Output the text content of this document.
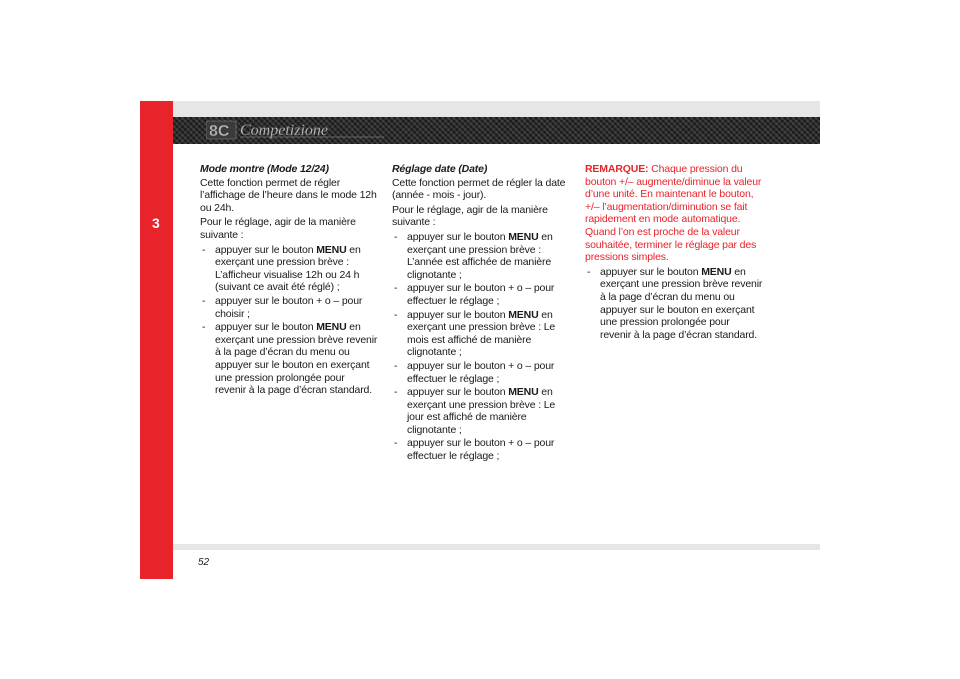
3
8C Competizione
Mode montre (Mode 12/24)
Cette fonction permet de régler l’affichage de l’heure dans le mode 12h ou 24h.
Pour le réglage, agir de la manière suivante :
- appuyer sur le bouton MENU en exerçant une pression brève : L’afficheur visualise 12h ou 24 h (suivant ce avait été réglé) ;
- appuyer sur le bouton + o – pour choisir ;
- appuyer sur le bouton MENU en exerçant une pression brève revenir à la page d’écran du menu ou appuyer sur le bouton en exerçant une pression prolongée pour revenir à la page d’écran standard.
Réglage date (Date)
Cette fonction permet de régler la date (année - mois - jour).
Pour le réglage, agir de la manière suivante :
- appuyer sur le bouton MENU en exerçant une pression brève : L’année est affichée de manière clignotante ;
- appuyer sur le bouton + o – pour effectuer le réglage ;
- appuyer sur le bouton MENU en exerçant une pression brève : Le mois est affiché de manière clignotante ;
- appuyer sur le bouton + o – pour effectuer le réglage ;
- appuyer sur le bouton MENU en exerçant une pression brève : Le jour est affiché de manière clignotante ;
- appuyer sur le bouton + o – pour effectuer le réglage ;
REMARQUE: Chaque pression du bouton +/– augmente/diminue la valeur d’une unité. En maintenant le bouton, +/– l’augmentation/diminution se fait rapidement en mode automatique. Quand l’on est proche de la valeur souhaitée, terminer le réglage par des pressions simples.
- appuyer sur le bouton MENU en exerçant une pression brève revenir à la page d’écran du menu ou appuyer sur le bouton en exerçant une pression prolongée pour revenir à la page d’écran standard.
52
